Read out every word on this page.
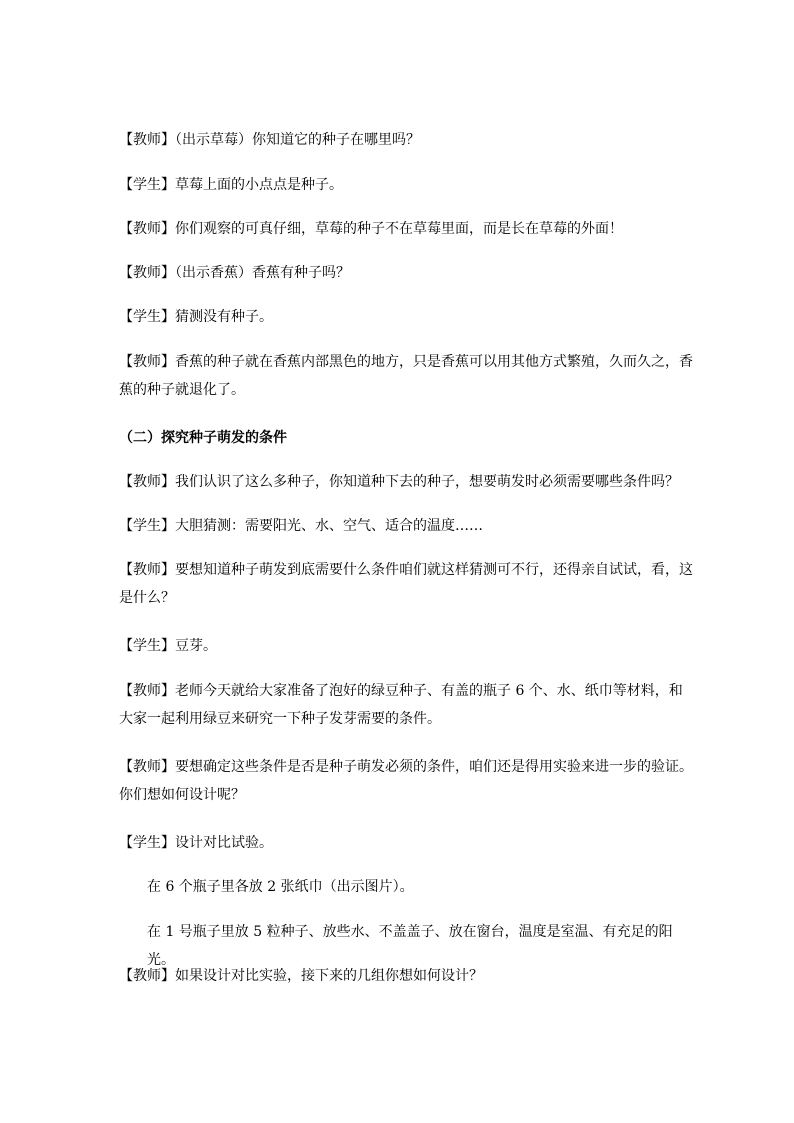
【教师】（出示草莓）你知道它的种子在哪里吗？

【学生】草莓上面的小点点是种子。

【教师】你们观察的可真仔细，草莓的种子不在草莓里面，而是长在草莓的外面！

【教师】（出示香蕉）香蕉有种子吗？

【学生】猜测没有种子。

【教师】香蕉的种子就在香蕉内部黑色的地方，只是香蕉可以用其他方式繁殖，久而久之，香蕉的种子就退化了。

（二）探究种子萌发的条件

【教师】我们认识了这么多种子，你知道种下去的种子，想要萌发时必须需要哪些条件吗？

【学生】大胆猜测：需要阳光、水、空气、适合的温度……

【教师】要想知道种子萌发到底需要什么条件咱们就这样猜测可不行，还得亲自试试，看，这是什么？

【学生】豆芽。

【教师】老师今天就给大家准备了泡好的绿豆种子、有盖的瓶子 6 个、水、纸巾等材料，和大家一起利用绿豆来研究一下种子发芽需要的条件。

【教师】要想确定这些条件是否是种子萌发必须的条件，咱们还是得用实验来进一步的验证。你们想如何设计呢？

【学生】设计对比试验。

在 6 个瓶子里各放 2 张纸巾（出示图片）。

在 1 号瓶子里放 5 粒种子、放些水、不盖盖子、放在窗台，温度是室温、有充足的阳光。

【教师】如果设计对比实验，接下来的几组你想如何设计？
